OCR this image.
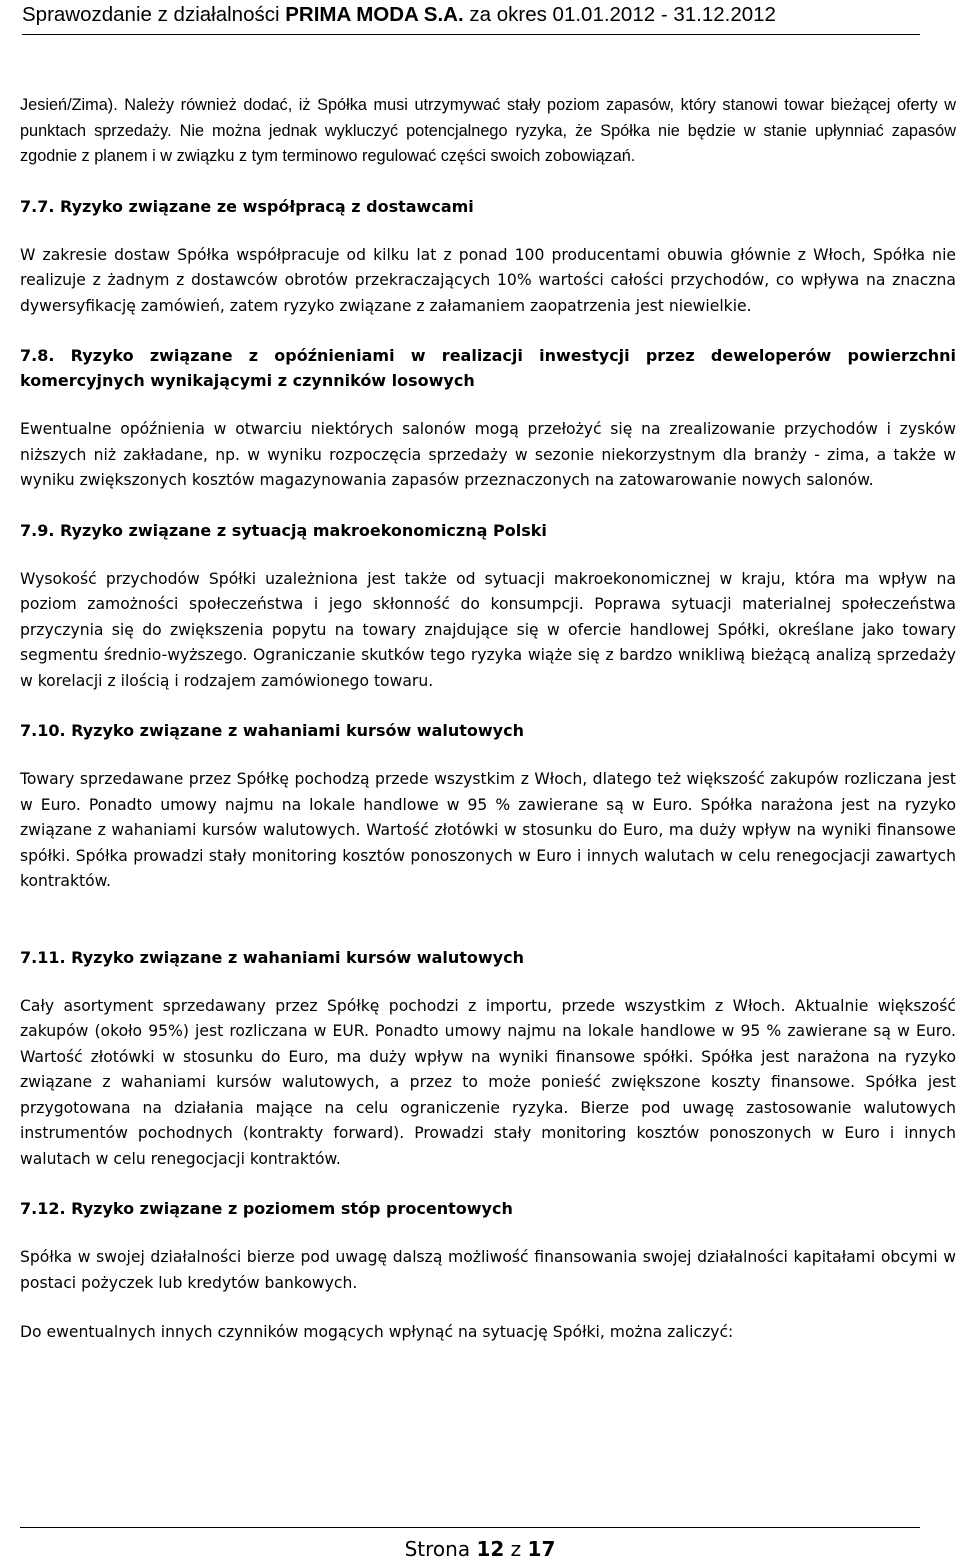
Sprawozdanie z działalności PRIMA MODA S.A. za okres 01.01.2012 - 31.12.2012

Jesień/Zima). Należy również dodać, iż Spółka musi utrzymywać stały poziom zapasów, który stanowi towar bieżącej oferty w punktach sprzedaży. Nie można jednak wykluczyć potencjalnego ryzyka, że Spółka nie będzie w stanie upłynniać zapasów zgodnie z planem i w związku z tym terminowo regulować części swoich zobowiązań.

7.7. Ryzyko związane ze współpracą z dostawcami

W zakresie dostaw Spółka współpracuje od kilku lat z ponad 100 producentami obuwia głównie z Włoch, Spółka nie realizuje z żadnym z dostawców obrotów przekraczających 10% wartości całości przychodów, co wpływa na znaczna dywersyfikację zamówień, zatem ryzyko związane z załamaniem zaopatrzenia jest niewielkie.

7.8. Ryzyko związane z opóźnieniami w realizacji inwestycji przez deweloperów powierzchni komercyjnych wynikającymi z czynników losowych

Ewentualne opóźnienia w otwarciu niektórych salonów mogą przełożyć się na zrealizowanie przychodów i zysków niższych niż zakładane, np. w wyniku rozpoczęcia sprzedaży w sezonie niekorzystnym dla branży - zima, a także w wyniku zwiększonych kosztów magazynowania zapasów przeznaczonych na zatowarowanie nowych salonów.

7.9. Ryzyko związane z sytuacją makroekonomiczną Polski

Wysokość przychodów Spółki uzależniona jest także od sytuacji makroekonomicznej w kraju, która ma wpływ na poziom zamożności społeczeństwa i jego skłonność do konsumpcji. Poprawa sytuacji materialnej społeczeństwa przyczynia się do zwiększenia popytu na towary znajdujące się w ofercie handlowej Spółki, określane jako towary segmentu średnio-wyższego. Ograniczanie skutków tego ryzyka wiąże się z bardzo wnikliwą bieżącą analizą sprzedaży w korelacji z ilością i rodzajem zamówionego towaru.

7.10. Ryzyko związane z wahaniami kursów walutowych

Towary sprzedawane przez Spółkę pochodzą przede wszystkim z Włoch, dlatego też większość zakupów rozliczana jest w Euro. Ponadto umowy najmu na lokale handlowe w 95 % zawierane są w Euro. Spółka narażona jest na ryzyko związane z wahaniami kursów walutowych. Wartość złotówki w stosunku do Euro, ma duży wpływ na wyniki finansowe spółki. Spółka prowadzi stały monitoring kosztów ponoszonych w Euro i innych walutach w celu renegocjacji zawartych kontraktów.

7.11. Ryzyko związane z wahaniami kursów walutowych

Cały asortyment sprzedawany przez Spółkę pochodzi z importu, przede wszystkim z Włoch. Aktualnie większość zakupów (około 95%) jest rozliczana w EUR. Ponadto umowy najmu na lokale handlowe w 95 % zawierane są w Euro. Wartość złotówki w stosunku do Euro, ma duży wpływ na wyniki finansowe spółki. Spółka jest narażona na ryzyko związane z wahaniami kursów walutowych, a przez to może ponieść zwiększone koszty finansowe. Spółka jest przygotowana na działania mające na celu ograniczenie ryzyka. Bierze pod uwagę zastosowanie walutowych instrumentów pochodnych (kontrakty forward). Prowadzi stały monitoring kosztów ponoszonych w Euro i innych walutach w celu renegocjacji kontraktów.

7.12. Ryzyko związane z poziomem stóp procentowych

Spółka w swojej działalności bierze pod uwagę dalszą możliwość finansowania swojej działalności kapitałami obcymi w postaci pożyczek lub kredytów bankowych.

Do ewentualnych innych czynników mogących wpłynąć na sytuację Spółki, można zaliczyć:

Strona 12 z 17
